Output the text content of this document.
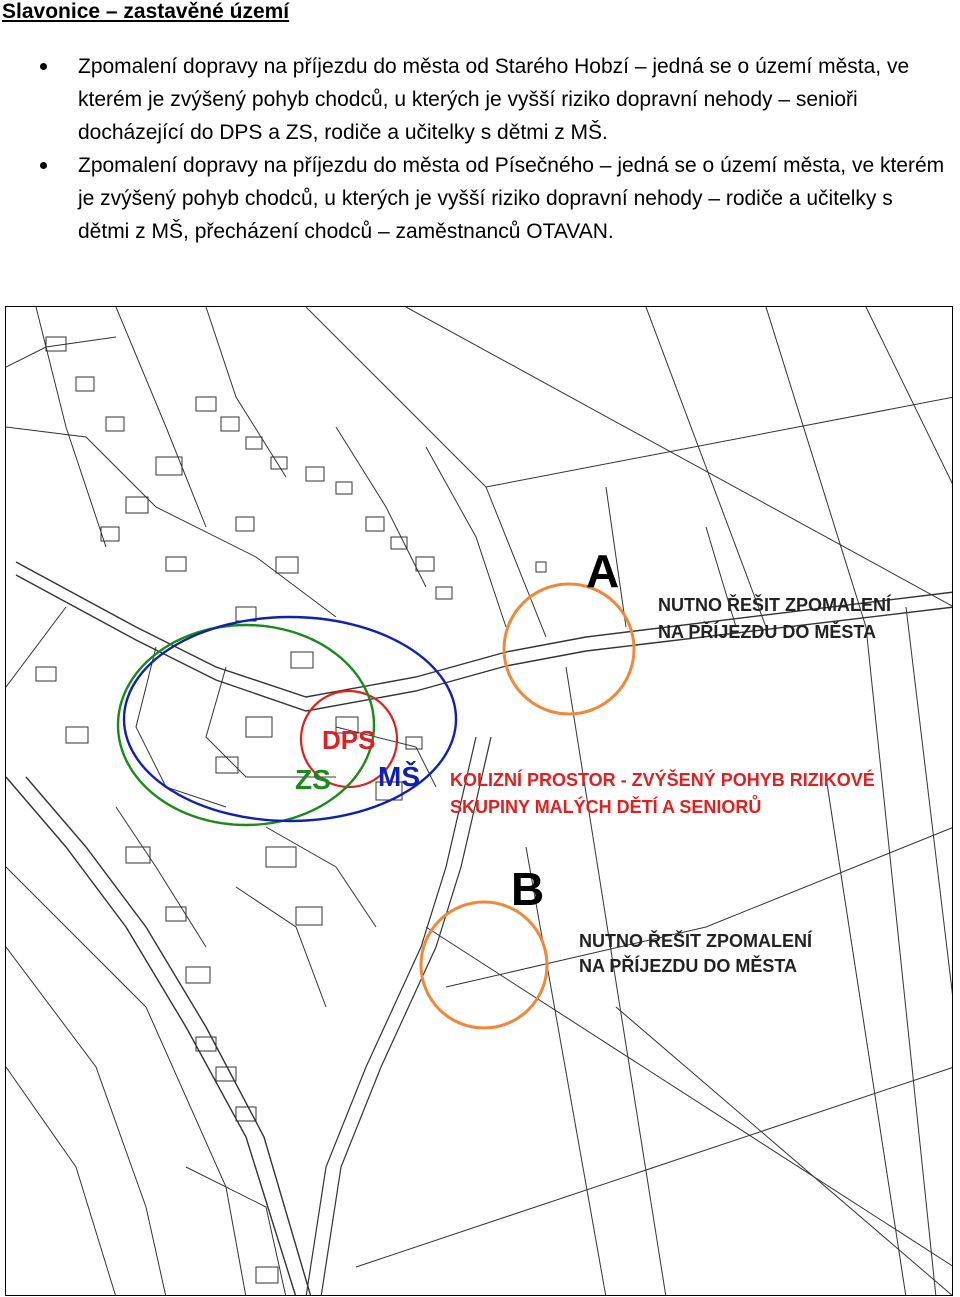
Slavonice – zastavěné území
Zpomalení dopravy na příjezdu do města od Starého Hobzí – jedná se o území města, ve kterém je zvýšený pohyb chodců, u kterých je vyšší riziko dopravní nehody – senioři docházející do DPS a ZS, rodiče a učitelky s dětmi z MŠ.
Zpomalení dopravy na příjezdu do města od Písečného – jedná se o území města, ve kterém je zvýšený pohyb chodců, u kterých je vyšší riziko dopravní nehody – rodiče a učitelky s dětmi z MŠ, přecházení chodců – zaměstnanců OTAVAN.
A
B
NUTNO ŘEŠIT ZPOMALENÍ
NA PŘÍJEZDU DO MĚSTA
NUTNO ŘEŠIT ZPOMALENÍ
NA PŘÍJEZDU DO MĚSTA
KOLIZNÍ PROSTOR - ZVÝŠENÝ POHYB RIZIKOVÉ
SKUPINY MALÝCH DĚTÍ A SENIORŮ
DPS
ZS MŠ
